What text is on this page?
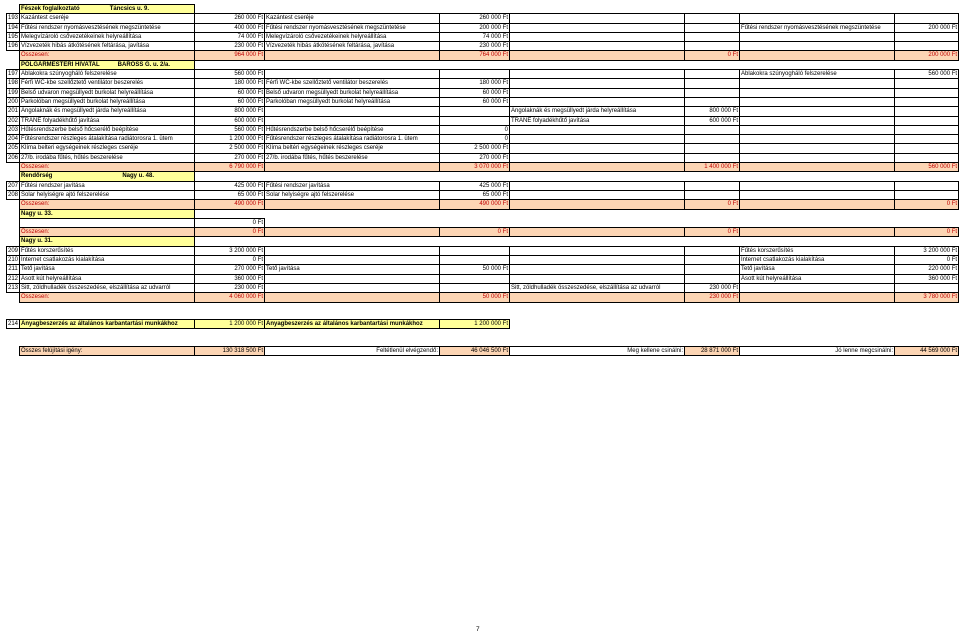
	Fészek foglalkoztató Táncsics u. 9.							
193	Kazántest cseréje	260 000 Ft	Kazántest cseréje	260 000 Ft				
194	Fűtési rendszer nyomásvesztésének megszüntetése	400 000 Ft	Fűtési rendszer nyomásvesztésének megszüntetése	200 000 Ft			Fűtési rendszer nyomásvesztésének megszüntetése	200 000 Ft
195	Melegvízároló csővezetékeinek helyreállítása	74 000 Ft	Melegvízároló csővezetékeinek helyreállítása	74 000 Ft				
196	Vízvezeték hibás átkötésének feltárása, javítása	230 000 Ft	Vízvezeték hibás átkötésének feltárása, javítása	230 000 Ft				
	Összesen:	964 000 Ft		764 000 Ft		0 Ft		200 000 Ft
	POLGÁRMESTERI HIVATAL BAROSS G. u. 2/a.							
197	Ablakokra szúnyogháló felszerelése	560 000 Ft					Ablakokra szúnyogháló felszerelése	560 000 Ft
198	Férfi WC-kbe szellőztető ventilátor beszerelés	180 000 Ft	Férfi WC-kbe szellőztető ventilátor beszerelés	180 000 Ft				
199	Belső udvaron megsüllyedt burkolat helyreállítása	60 000 Ft	Belső udvaron megsüllyedt burkolat helyreállítása	60 000 Ft				
200	Parkolóban megsüllyedt burkolat helyreállítása	60 000 Ft	Parkolóban megsüllyedt burkolat helyreállítása	60 000 Ft				
201	Angolaknák és megsüllyedt járda helyreállítása	800 000 Ft			Angolaknák és megsüllyedt járda helyreállítása	800 000 Ft		
202	TRANE folyadékhűtő javítása	600 000 Ft			TRANE folyadékhűtő javítása	600 000 Ft		
203	Hűtésrendszerbe belső hőcserélő beépítése	560 000 Ft	Hűtésrendszerbe belső hőcserélő beépítése	0				
204	Fűtésrendszer részleges átalakítása radiátorosra 1. ütem	1 200 000 Ft	Fűtésrendszer részleges átalakítása radiátorosra 1. ütem	0				
205	Klíma belteri egységeinek részleges cseréje	2 500 000 Ft	Klíma beltéri egységeinek részleges cseréje	2 500 000 Ft				
206	27/b. irodába fűtés, hűtés beszerelése	270 000 Ft	27/b. irodába fűtés, hűtés beszerelése	270 000 Ft				
	Összesen:	6 790 000 Ft		3 070 000 Ft		1 400 000 Ft		560 000 Ft
	Rendőrség Nagy u. 48.							
207	Fűtési rendszer javítása	425 000 Ft	Fűtési rendszer javítása	425 000 Ft				
208	Solar helyiségre ajtó felszerelése	65 000 Ft	Solar helyiségre ajtó felszerelése	65 000 Ft				
	Összesen:	490 000 Ft		490 000 Ft		0 Ft		0 Ft
	Nagy u. 33.							
		0 Ft						
	Összesen:	0 Ft		0 Ft		0 Ft		0 Ft
	Nagy u. 31.							
209	Fűtés korszerűsítés	3 200 000 Ft					Fűtés korszerűsítés	3 200 000 Ft
210	Internet csatlakozás kialakítása	0 Ft					Internet csatlakozás kialakítása	0 Ft
211	Tető javítása	270 000 Ft	Tető javítása	50 000 Ft			Tető javítása	220 000 Ft
212	Ásott kút helyreállítása	360 000 Ft					Ásott kút helyreállítása	360 000 Ft
213	Sitt, zöldhulladék összeszedése, elszállítása az udvarról	230 000 Ft			Sitt, zöldhulladék összeszedése, elszállítása az udvarról	230 000 Ft		
	Összesen:	4 060 000 Ft		50 000 Ft		230 000 Ft		3 780 000 Ft

214	Anyagbeszerzés az általános karbantartási munkákhoz	1 200 000 Ft	Anyagbeszerzés az általános karbantartási munkákhoz	1 200 000 Ft				

	Összes felújítási igény:	130 318 500 Ft	Feltétlenül elvégzendő:	46 046 500 Ft	Meg kellene csinálni:	28 871 000 Ft	Jó lenne megcsinálni:	44 569 000 Ft
7
